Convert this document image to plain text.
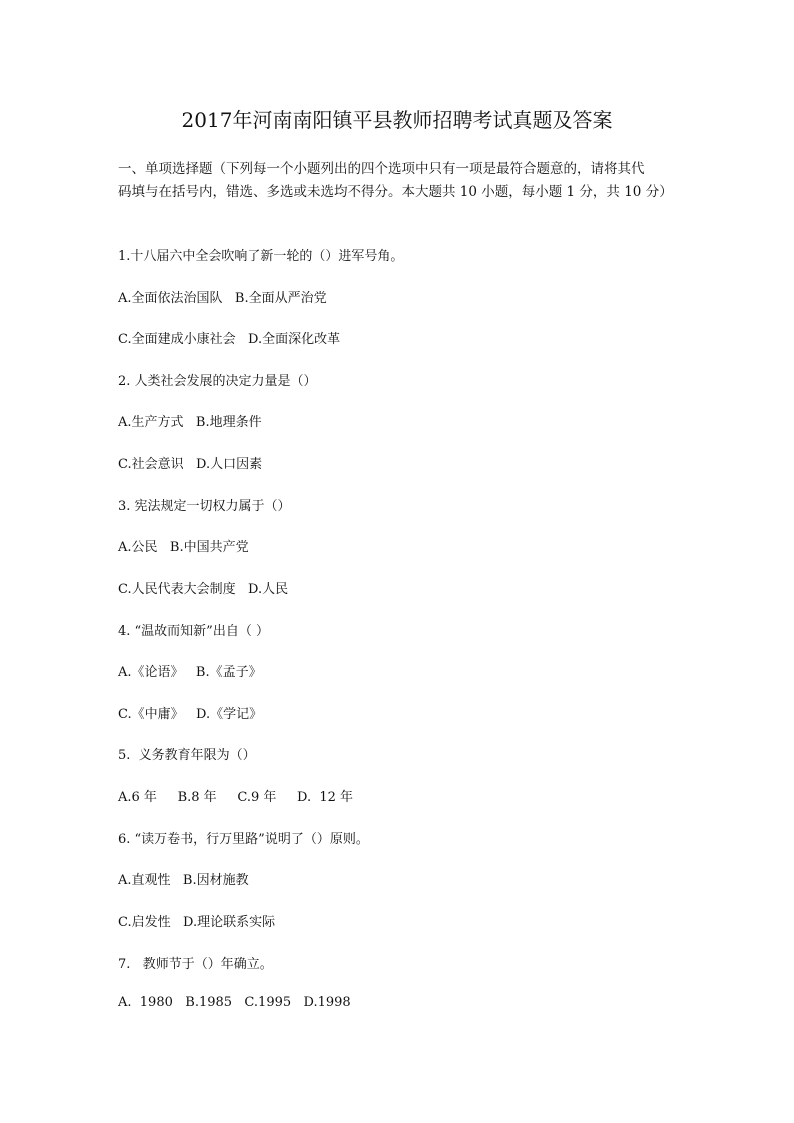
2017年河南南阳镇平县教师招聘考试真题及答案
一、单项选择题（下列每一个小题列出的四个选项中只有一项是最符合题意的，请将其代
码填与在括号内，错选、多选或未选均不得分。本大题共 10 小题，每小题 1 分，共 10 分）
1.十八届六中全会吹响了新一轮的（）进军号角。
A.全面依法治国队   B.全面从严治党
C.全面建成小康社会   D.全面深化改革
2. 人类社会发展的决定力量是（）
A.生产方式   B.地理条件
C.社会意识   D.人口因素
3. 宪法规定一切权力属于（）
A.公民   B.中国共产党
C.人民代表大会制度   D.人民
4. “温故而知新”出自（ ）
A.《论语》   B.《孟子》
C.《中庸》   D.《学记》
5.  义务教育年限为（）
A.6 年     B.8 年     C.9 年     D.  12 年
6. “读万卷书，行万里路”说明了（）原则。
A.直观性   B.因材施教
C.启发性   D.理论联系实际
7.   教师节于（）年确立。
A.  1980   B.1985   C.1995   D.1998
